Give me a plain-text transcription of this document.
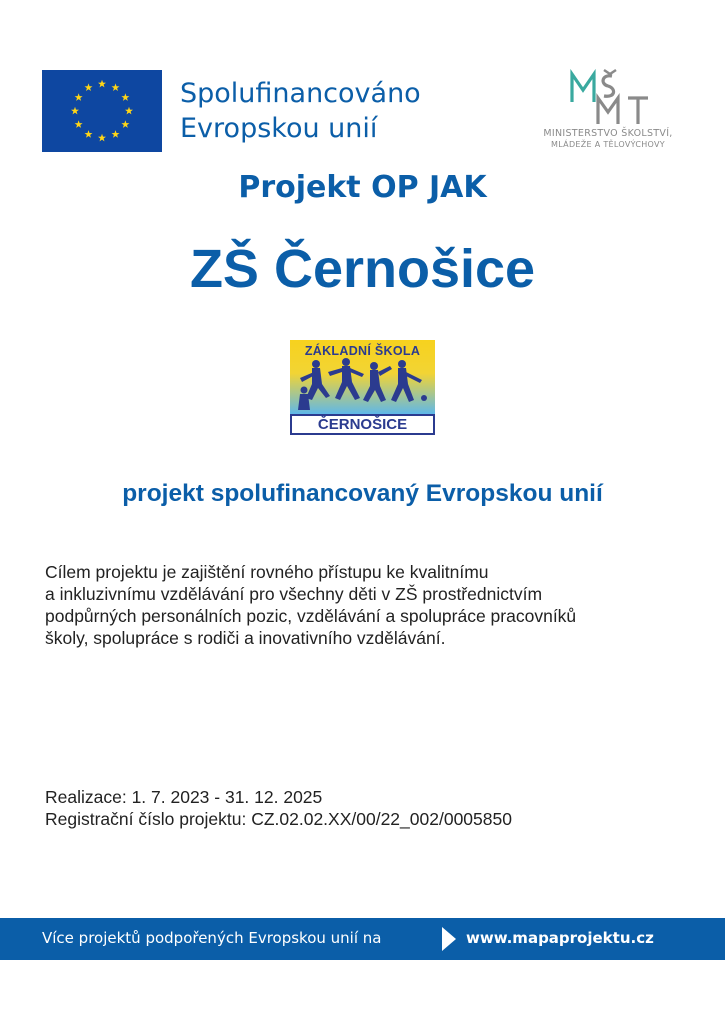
Spolufinancováno
Evropskou unií	MINISTERSTVO ŠKOLSTVÍ,
MLÁDEŽE A TĚLOVÝCHOVY
Projekt OP JAK
ZŠ Černošice
ZÁKLADNÍ ŠKOLA
ČERNOŠICE
projekt spolufinancovaný Evropskou unií
Cílem projektu je zajištění rovného přístupu ke kvalitnímu
a inkluzivnímu vzdělávání pro všechny děti v ZŠ prostřednictvím
podpůrných personálních pozic, vzdělávání a spolupráce pracovníků
školy, spolupráce s rodiči a inovativního vzdělávání.
Realizace: 1. 7. 2023 - 31. 12. 2025
Registrační číslo projektu: CZ.02.02.XX/00/22_002/0005850
Více projektů podpořených Evropskou unií na	www.mapaprojektu.cz
